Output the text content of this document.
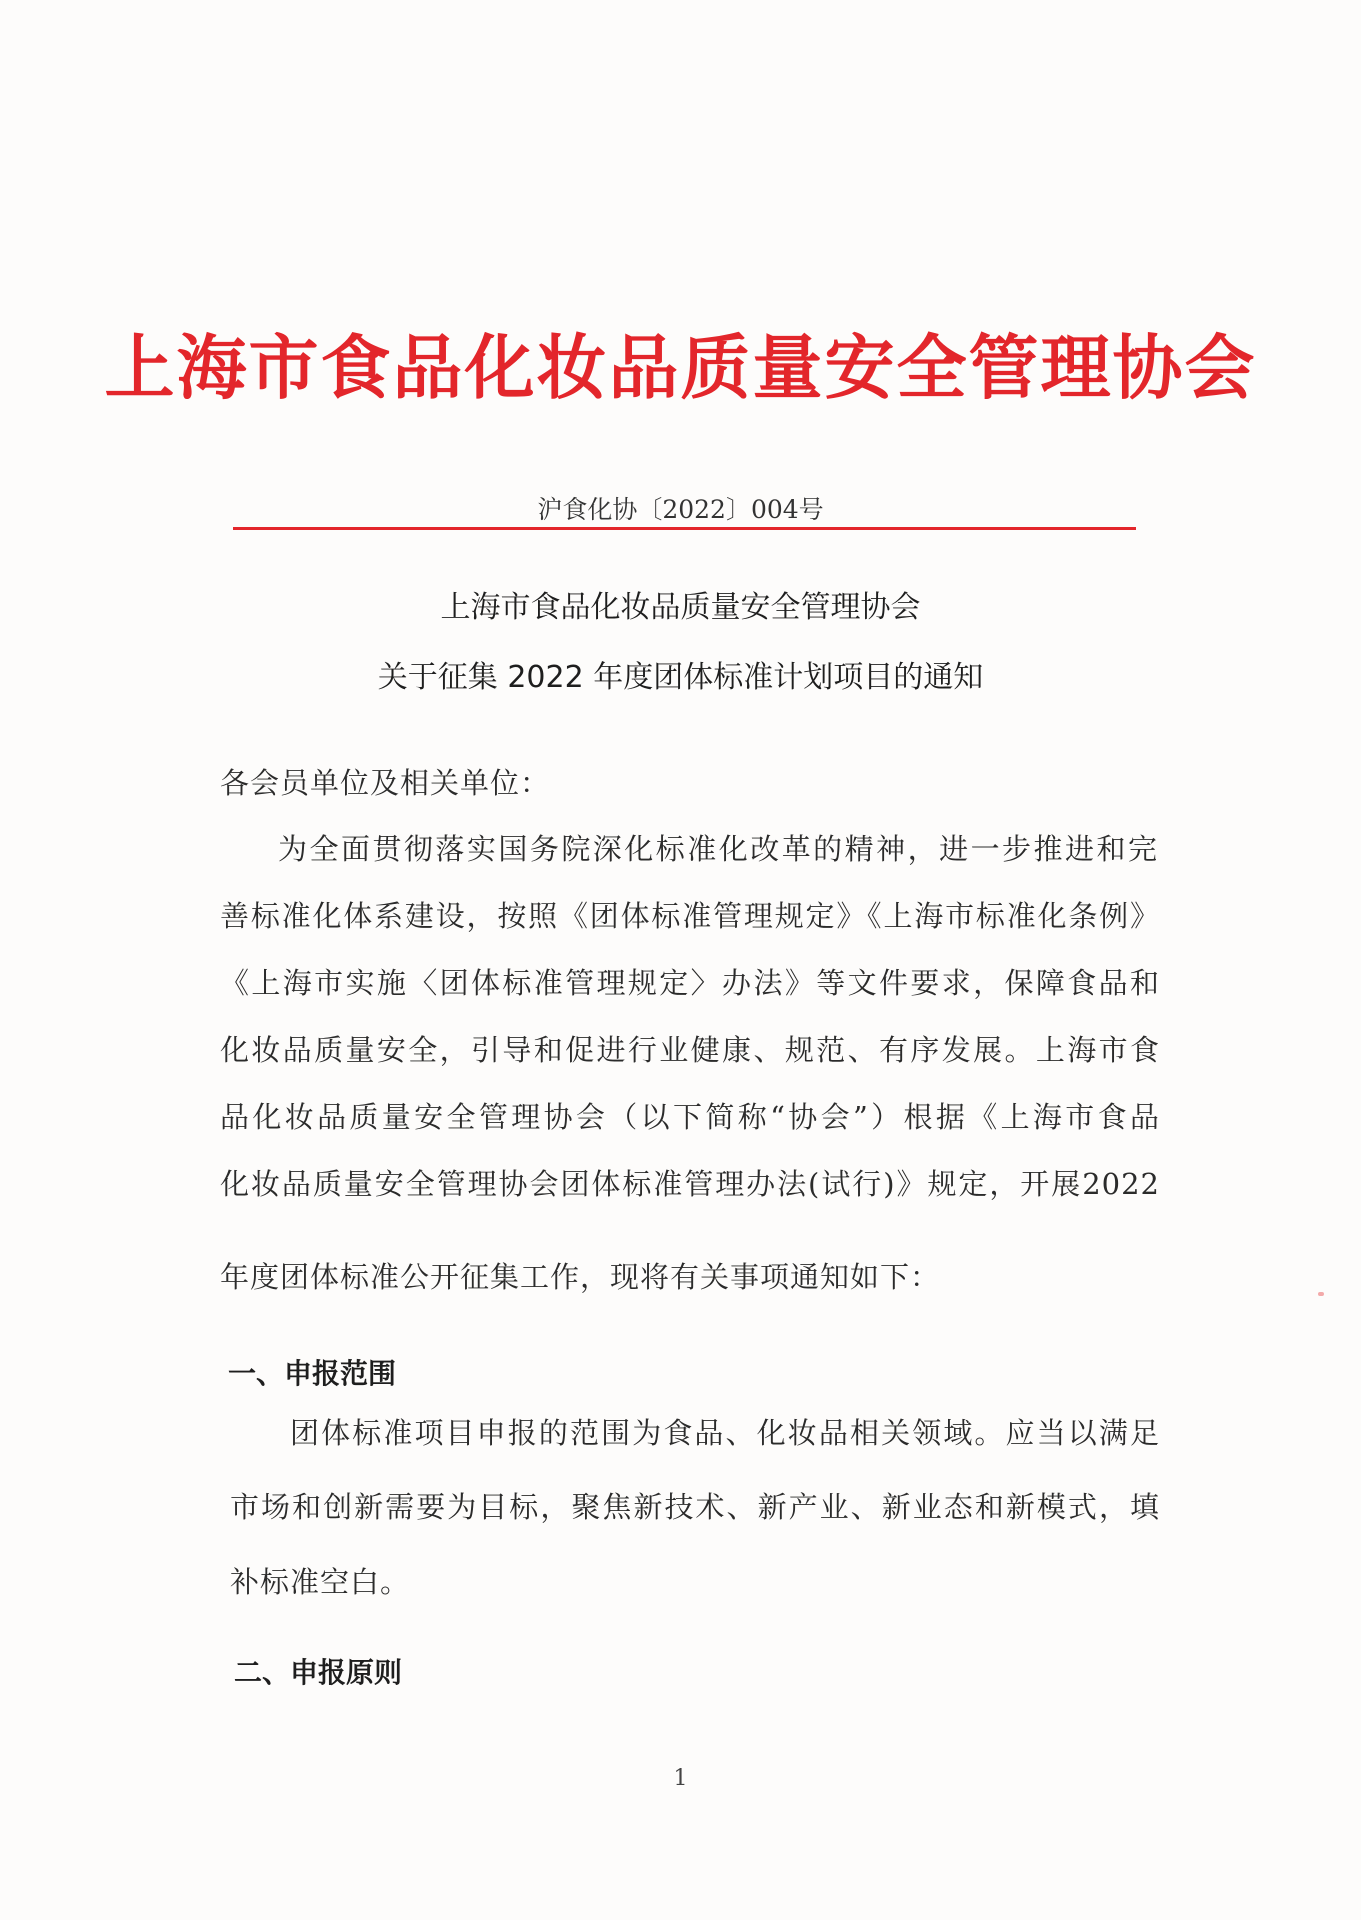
上海市食品化妆品质量安全管理协会
沪食化协〔2022〕004号
上海市食品化妆品质量安全管理协会
关于征集 2022 年度团体标准计划项目的通知
各会员单位及相关单位：
为全面贯彻落实国务院深化标准化改革的精神，进一步推进和完
善标准化体系建设，按照《团体标准管理规定》《上海市标准化条例》
《上海市实施〈团体标准管理规定〉办法》等文件要求，保障食品和
化妆品质量安全，引导和促进行业健康、规范、有序发展。上海市食
品化妆品质量安全管理协会（以下简称“协会”）根据《上海市食品
化妆品质量安全管理协会团体标准管理办法(试行)》规定，开展2022
年度团体标准公开征集工作，现将有关事项通知如下：
一、申报范围
团体标准项目申报的范围为食品、化妆品相关领域。应当以满足
市场和创新需要为目标，聚焦新技术、新产业、新业态和新模式，填
补标准空白。
二、申报原则
1
